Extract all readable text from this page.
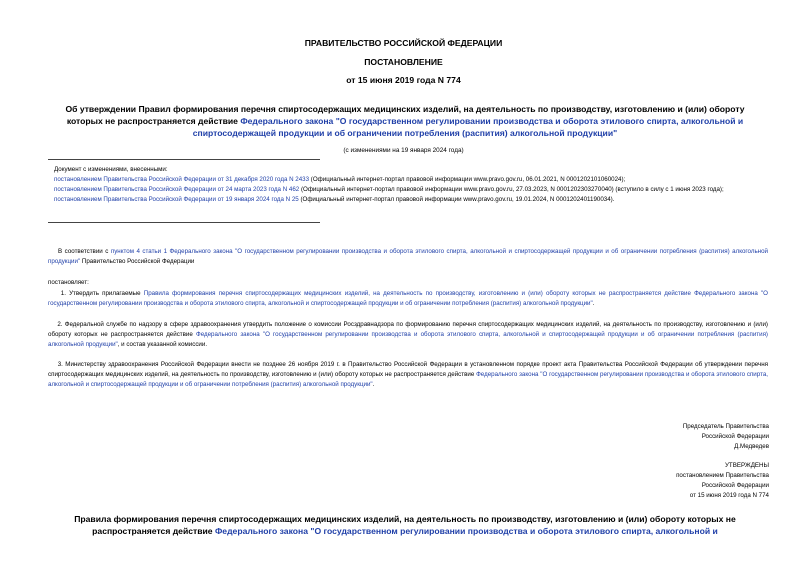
ПРАВИТЕЛЬСТВО РОССИЙСКОЙ ФЕДЕРАЦИИ
ПОСТАНОВЛЕНИЕ
от 15 июня 2019 года N 774
Об утверждении Правил формирования перечня спиртосодержащих медицинских изделий, на деятельность по производству, изготовлению и (или) обороту которых не распространяется действие Федерального закона "О государственном регулировании производства и оборота этилового спирта, алкогольной и спиртосодержащей продукции и об ограничении потребления (распития) алкогольной продукции"
(с изменениями на 19 января 2024 года)
Документ с изменениями, внесенными:
постановлением Правительства Российской Федерации от 31 декабря 2020 года N 2433 (Официальный интернет-портал правовой информации www.pravo.gov.ru, 06.01.2021, N 0001202101060024);
постановлением Правительства Российской Федерации от 24 марта 2023 года N 462 (Официальный интернет-портал правовой информации www.pravo.gov.ru, 27.03.2023, N 0001202303270040) (вступило в силу с 1 июня 2023 года);
постановлением Правительства Российской Федерации от 19 января 2024 года N 25 (Официальный интернет-портал правовой информации www.pravo.gov.ru, 19.01.2024, N 0001202401190034).
В соответствии с пунктом 4 статьи 1 Федерального закона "О государственном регулировании производства и оборота этилового спирта, алкогольной и спиртосодержащей продукции и об ограничении потребления (распития) алкогольной продукции" Правительство Российской Федерации
постановляет:
1. Утвердить прилагаемые Правила формирования перечня спиртосодержащих медицинских изделий, на деятельность по производству, изготовлению и (или) обороту которых не распространяется действие Федерального закона "О государственном регулировании производства и оборота этилового спирта, алкогольной и спиртосодержащей продукции и об ограничении потребления (распития) алкогольной продукции".
2. Федеральной службе по надзору в сфере здравоохранения утвердить положение о комиссии Росздравнадзора по формированию перечня спиртосодержащих медицинских изделий, на деятельность по производству, изготовлению и (или) обороту которых не распространяется действие Федерального закона "О государственном регулировании производства и оборота этилового спирта, алкогольной и спиртосодержащей продукции и об ограничении потребления (распития) алкогольной продукции", и состав указанной комиссии.
3. Министерству здравоохранения Российской Федерации внести не позднее 26 ноября 2019 г. в Правительство Российской Федерации в установленном порядке проект акта Правительства Российской Федерации об утверждении перечня спиртосодержащих медицинских изделий, на деятельность по производству, изготовлению и (или) обороту которых не распространяется действие Федерального закона "О государственном регулировании производства и оборота этилового спирта, алкогольной и спиртосодержащей продукции и об ограничении потребления (распития) алкогольной продукции".
Председатель Правительства
Российской Федерации
Д.Медведев
УТВЕРЖДЕНЫ
постановлением Правительства
Российской Федерации
от 15 июня 2019 года N 774
Правила формирования перечня спиртосодержащих медицинских изделий, на деятельность по производству, изготовлению и (или) обороту которых не распространяется действие Федерального закона "О государственном регулировании производства и оборота этилового спирта, алкогольной и
